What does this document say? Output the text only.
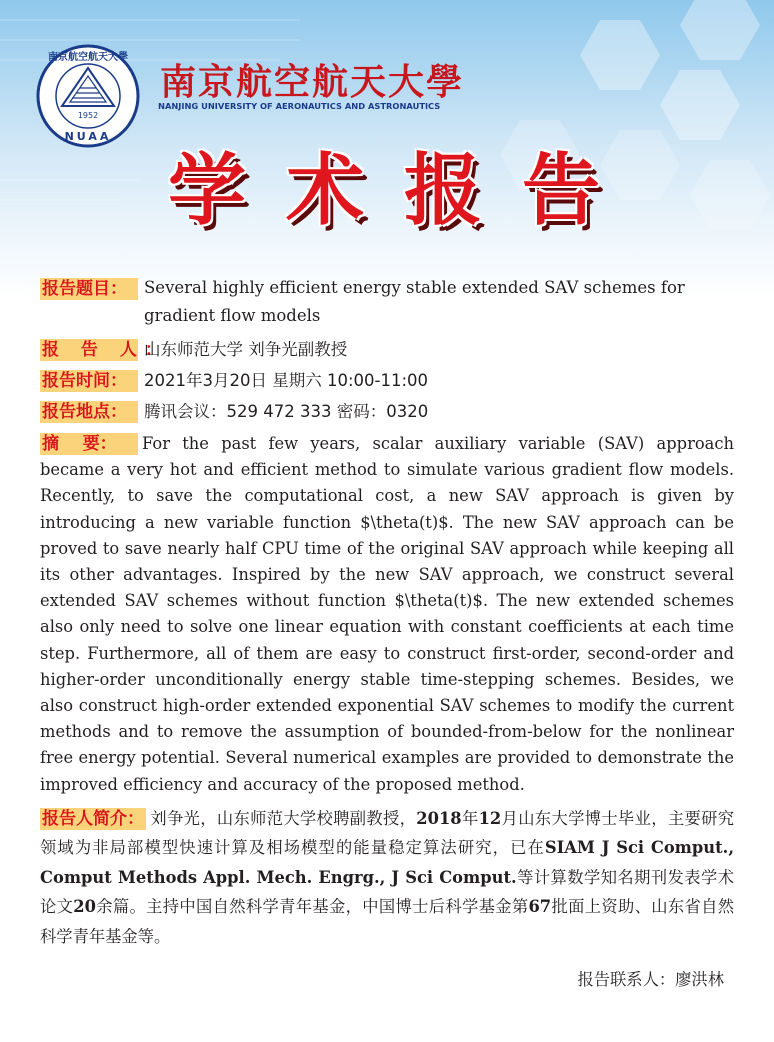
1952
南京航空航天大學
NUAA
南京航空航天大學
NANJING UNIVERSITY OF AERONAUTICS AND ASTRONAUTICS
学术报告
报告题目：	Several highly efficient energy stable extended SAV schemes for gradient flow models
报 告 人：
山东师范大学 刘争光副教授
报告时间：	2021年3月20日 星期六 10:00-11:00
报告地点：	腾讯会议：529 472 333 密码：0320
摘    要： For the past few years, scalar auxiliary variable (SAV) approach became a very hot and efficient method to simulate various gradient flow models. Recently, to save the computational cost, a new SAV approach is given by introducing a new variable function $\theta(t)$. The new SAV approach can be proved to save nearly half CPU time of the original SAV approach while keeping all its other advantages. Inspired by the new SAV approach, we construct several extended SAV schemes without function $\theta(t)$. The new extended schemes also only need to solve one linear equation with constant coefficients at each time step. Furthermore, all of them are easy to construct first-order, second-order and higher-order unconditionally energy stable time-stepping schemes. Besides, we also construct high-order extended exponential SAV schemes to modify the current methods and to remove the assumption of bounded-from-below for the nonlinear free energy potential. Several numerical examples are provided to demonstrate the improved efficiency and accuracy of the proposed method.
报告人简介： 刘争光，山东师范大学校聘副教授，2018年12月山东大学博士毕业，主要研究领域为非局部模型快速计算及相场模型的能量稳定算法研究，已在SIAM J Sci Comput., Comput Methods Appl. Mech. Engrg., J Sci Comput.等计算数学知名期刊发表学术论文20余篇。主持中国自然科学青年基金，中国博士后科学基金第67批面上资助、山东省自然科学青年基金等。
报告联系人：廖洪林
